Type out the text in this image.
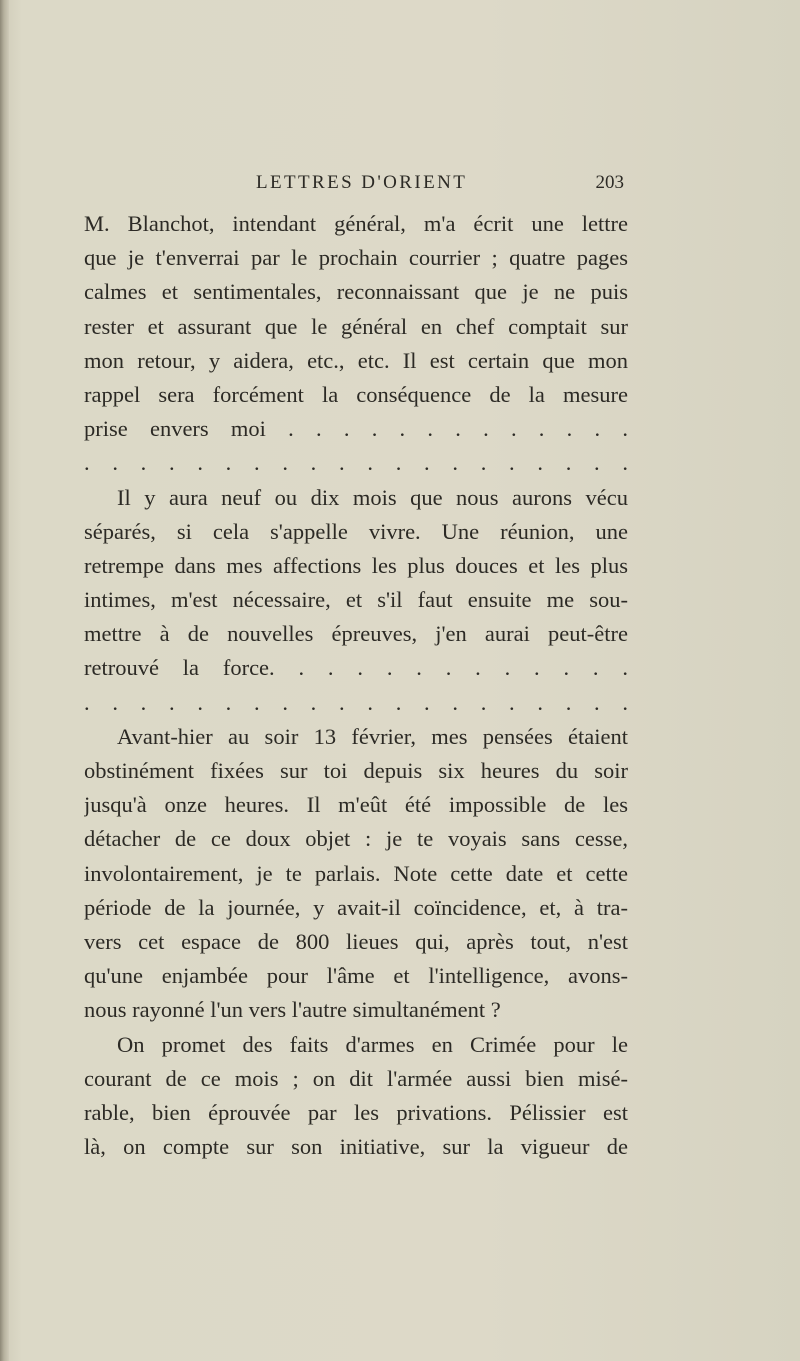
LETTRES D'ORIENT	203
M. Blanchot, intendant général, m'a écrit une lettre
que je t'enverrai par le prochain courrier ; quatre pages
calmes et sentimentales, reconnaissant que je ne puis
rester et assurant que le général en chef comptait sur
mon retour, y aidera, etc., etc. Il est certain que mon
rappel sera forcément la conséquence de la mesure
prise envers moi . . . . . . . . . . . . .
. . . . . . . . . . . . . . . . . . . .
Il y aura neuf ou dix mois que nous aurons vécu
séparés, si cela s'appelle vivre. Une réunion, une
retrempe dans mes affections les plus douces et les plus
intimes, m'est nécessaire, et s'il faut ensuite me sou-
mettre à de nouvelles épreuves, j'en aurai peut-être
retrouvé la force. . . . . . . . . . . . .
. . . . . . . . . . . . . . . . . . . .
Avant-hier au soir 13 février, mes pensées étaient
obstinément fixées sur toi depuis six heures du soir
jusqu'à onze heures. Il m'eût été impossible de les
détacher de ce doux objet : je te voyais sans cesse,
involontairement, je te parlais. Note cette date et cette
période de la journée, y avait-il coïncidence, et, à tra-
vers cet espace de 800 lieues qui, après tout, n'est
qu'une enjambée pour l'âme et l'intelligence, avons-
nous rayonné l'un vers l'autre simultanément ?
On promet des faits d'armes en Crimée pour le
courant de ce mois ; on dit l'armée aussi bien misé-
rable, bien éprouvée par les privations. Pélissier est
là, on compte sur son initiative, sur la vigueur de
